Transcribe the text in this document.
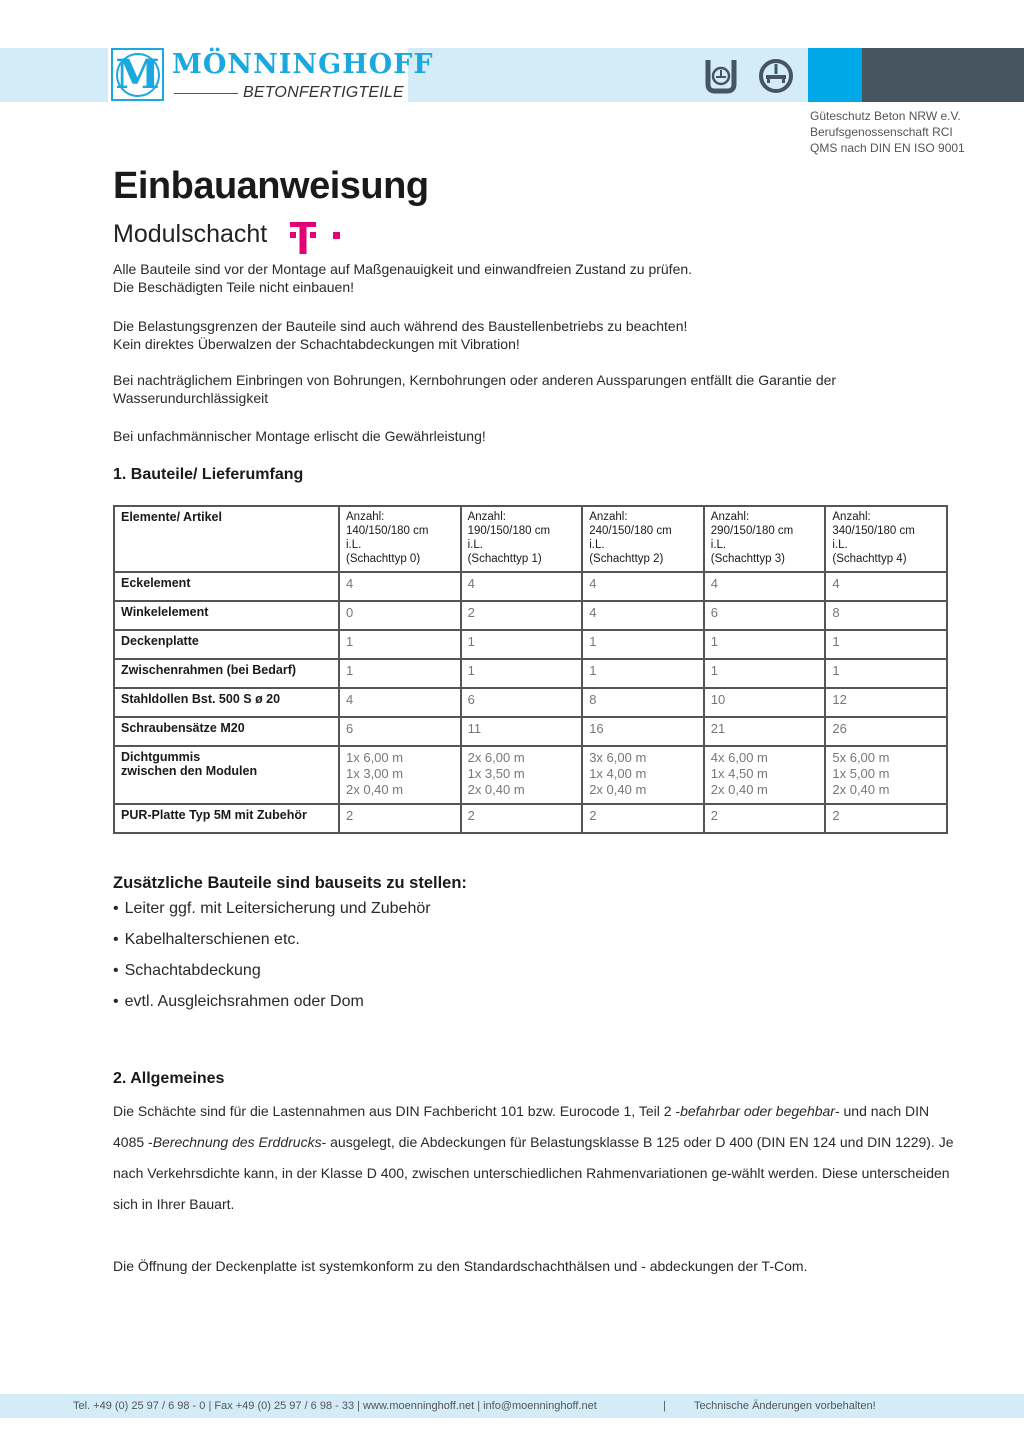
M MÖNNINGHOFF
BETONFERTIGTEILE
Güteschutz Beton NRW e.V.
Berufsgenossenschaft RCI
QMS nach DIN EN ISO 9001
Einbauanweisung
Modulschacht
Alle Bauteile sind vor der Montage auf Maßgenauigkeit und einwandfreien Zustand zu prüfen.
Die Beschädigten Teile nicht einbauen!
Die Belastungsgrenzen der Bauteile sind auch während des Baustellenbetriebs zu beachten!
Kein direktes Überwalzen der Schachtabdeckungen mit Vibration!
Bei nachträglichem Einbringen von Bohrungen, Kernbohrungen oder anderen Aussparungen entfällt die Garantie der
Wasserundurchlässigkeit
Bei unfachmännischer Montage erlischt die Gewährleistung!
1. Bauteile/ Lieferumfang
Elemente/ Artikel	Anzahl:
140/150/180 cm
i.L.
(Schachttyp 0)	Anzahl:
190/150/180 cm
i.L.
(Schachttyp 1)	Anzahl:
240/150/180 cm
i.L.
(Schachttyp 2)	Anzahl:
290/150/180 cm
i.L.
(Schachttyp 3)	Anzahl:
340/150/180 cm
i.L.
(Schachttyp 4)

Eckelement	4	4	4	4	4
Winkelelement	0	2	4	6	8
Deckenplatte	1	1	1	1	1
Zwischenrahmen (bei Bedarf)	1	1	1	1	1
Stahldollen Bst. 500 S ø 20	4	6	8	10	12
Schraubensätze M20	6	11	16	21	26

Dichtgummis
zwischen den Modulen	1x 6,00 m
1x 3,00 m
2x 0,40 m	2x 6,00 m
1x 3,50 m
2x 0,40 m	3x 6,00 m
1x 4,00 m
2x 0,40 m	4x 6,00 m
1x 4,50 m
2x 0,40 m	5x 6,00 m
1x 5,00 m
2x 0,40 m

PUR-Platte Typ 5M mit Zubehör	2	2	2	2	2
Zusätzliche Bauteile sind bauseits zu stellen:
• Leiter ggf. mit Leitersicherung und Zubehör
• Kabelhalterschienen etc.
• Schachtabdeckung
• evtl. Ausgleichsrahmen oder Dom
2. Allgemeines
Die Schächte sind für die Lastennahmen aus DIN Fachbericht 101 bzw. Eurocode 1, Teil 2 -befahrbar oder begehbar- und nach DIN 4085 -Berechnung des Erddrucks- ausgelegt, die Abdeckungen für Belastungsklasse B 125 oder D 400 (DIN EN 124 und DIN 1229). Je nach Verkehrsdichte kann, in der Klasse D 400, zwischen unterschiedlichen Rahmenvariationen ge-wählt werden. Diese unterscheiden sich in Ihrer Bauart.
Die Öffnung der Deckenplatte ist systemkonform zu den Standardschachthälsen und - abdeckungen der T-Com.
Tel. +49 (0) 25 97 / 6 98 - 0 | Fax +49 (0) 25 97 / 6 98 - 33 | www.moenninghoff.net | info@moenninghoff.net	|	Technische Änderungen vorbehalten!
